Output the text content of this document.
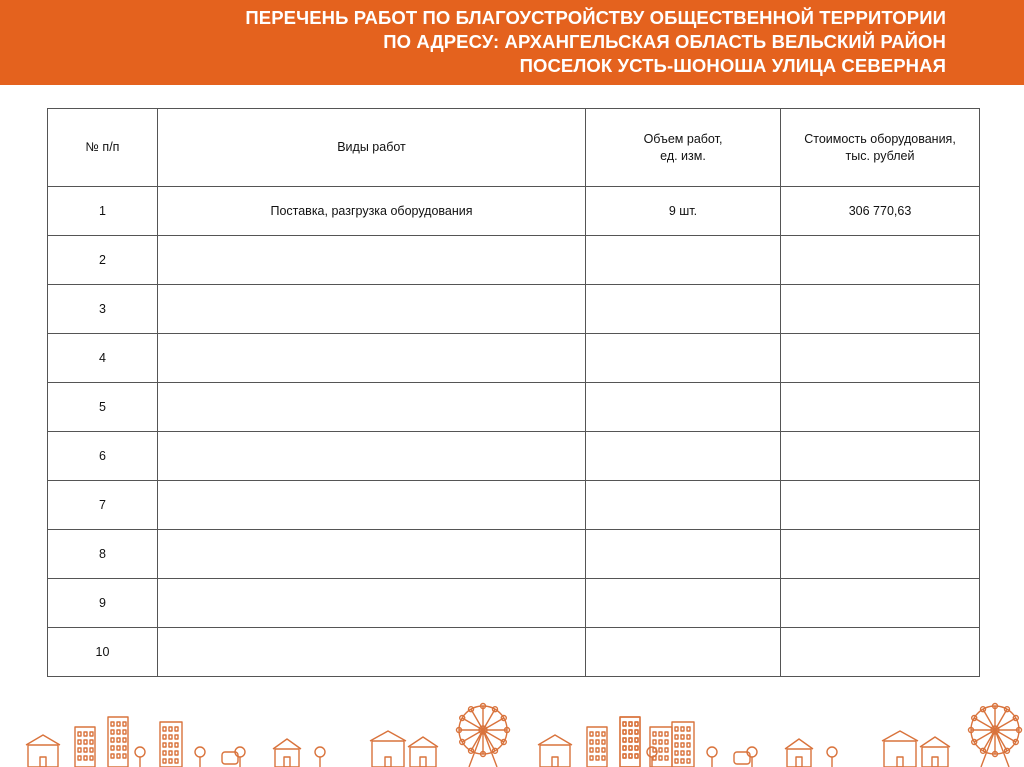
ПЕРЕЧЕНЬ РАБОТ ПО БЛАГОУСТРОЙСТВУ ОБЩЕСТВЕННОЙ ТЕРРИТОРИИ
ПО АДРЕСУ: АРХАНГЕЛЬСКАЯ ОБЛАСТЬ ВЕЛЬСКИЙ РАЙОН
ПОСЕЛОК УСТЬ-ШОНОША УЛИЦА СЕВЕРНАЯ
№ п/п	Виды работ	Объем работ,
ед. изм.	Стоимость оборудования,
тыс. рублей

1	Поставка, разгрузка оборудования	9 шт.	306 770,63
2			
3			
4			
5			
6			
7			
8			
9			
10			
